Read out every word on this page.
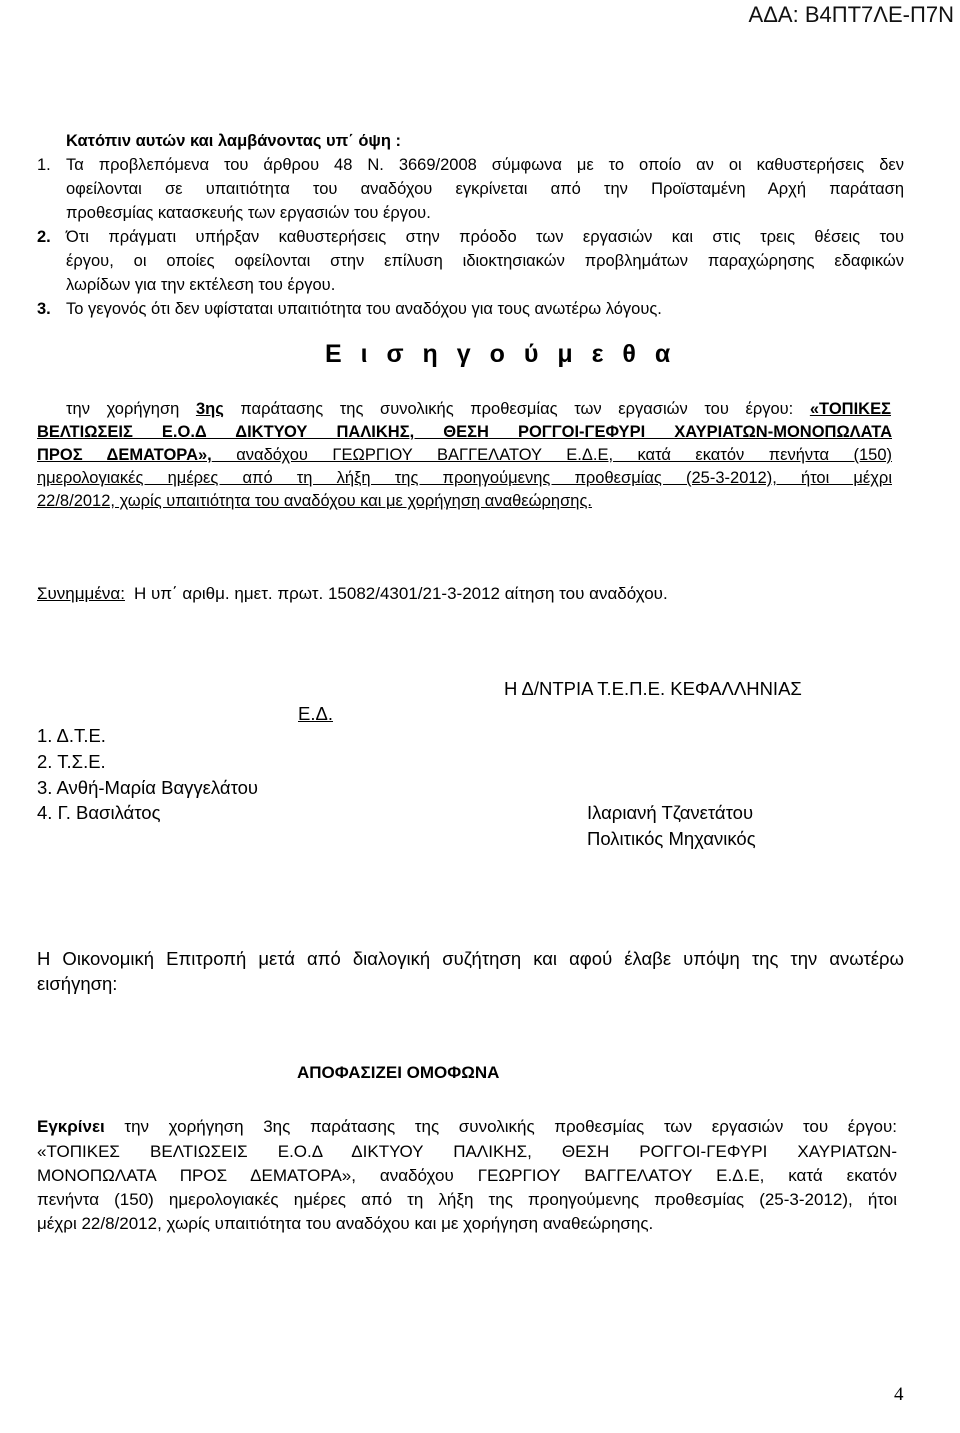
ΑΔΑ: Β4ΠΤ7ΛΕ-Π7Ν
Κατόπιν αυτών και λαμβάνοντας υπ΄ όψη :
1. Τα προβλεπόμενα του άρθρου 48 Ν. 3669/2008 σύμφωνα με το οποίο αν οι καθυστερήσεις δεν
οφείλονται σε υπαιτιότητα του αναδόχου εγκρίνεται από την Προϊσταμένη Αρχή παράταση
προθεσμίας κατασκευής των εργασιών του έργου.
2. Ότι πράγματι υπήρξαν καθυστερήσεις στην πρόοδο των εργασιών και στις τρεις θέσεις του
έργου, οι οποίες οφείλονται στην επίλυση ιδιοκτησιακών προβλημάτων παραχώρησης εδαφικών
λωρίδων για την εκτέλεση του έργου.
3. Το γεγονός ότι δεν υφίσταται υπαιτιότητα του αναδόχου για τους ανωτέρω λόγους.
Ε ι σ η γ ο ύ μ ε θ α
την χορήγηση 3ης παράτασης της συνολικής προθεσμίας των εργασιών του έργου: «ΤΟΠΙΚΕΣ
ΒΕΛΤΙΩΣΕΙΣ Ε.Ο.Δ ΔΙΚΤΥΟΥ ΠΑΛΙΚΗΣ, ΘΕΣΗ ΡΟΓΓΟΙ-ΓΕΦΥΡΙ ΧΑΥΡΙΑΤΩΝ-ΜΟΝΟΠΩΛΑΤΑ
ΠΡΟΣ ΔΕΜΑΤΟΡΑ», αναδόχου ΓΕΩΡΓΙΟΥ ΒΑΓΓΕΛΑΤΟΥ Ε.Δ.Ε, κατά εκατόν πενήντα (150)
ημερολογιακές ημέρες από τη λήξη της προηγούμενης προθεσμίας (25-3-2012), ήτοι μέχρι
22/8/2012, χωρίς υπαιτιότητα του αναδόχου και με χορήγηση αναθεώρησης.
Συνημμένα: Η υπ΄ αριθμ. ημετ. πρωτ. 15082/4301/21-3-2012 αίτηση του αναδόχου.
Η Δ/ΝΤΡΙΑ Τ.Ε.Π.Ε. ΚΕΦΑΛΛΗΝΙΑΣ
Ε.Δ.
1. Δ.Τ.Ε.
2. Τ.Σ.Ε.
3. Ανθή-Μαρία Βαγγελάτου
4. Γ. Βασιλάτος	Ιλαριανή Τζανετάτου
Πολιτικός Μηχανικός
Η Οικονομική Επιτροπή μετά από διαλογική συζήτηση και αφού έλαβε υπόψη της την ανωτέρω
εισήγηση:
ΑΠΟΦΑΣΙΖΕΙ ΟΜΟΦΩΝΑ
Εγκρίνει την χορήγηση 3ης παράτασης της συνολικής προθεσμίας των εργασιών του έργου:
«ΤΟΠΙΚΕΣ ΒΕΛΤΙΩΣΕΙΣ Ε.Ο.Δ ΔΙΚΤΥΟΥ ΠΑΛΙΚΗΣ, ΘΕΣΗ ΡΟΓΓΟΙ-ΓΕΦΥΡΙ ΧΑΥΡΙΑΤΩΝ-
ΜΟΝΟΠΩΛΑΤΑ ΠΡΟΣ ΔΕΜΑΤΟΡΑ», αναδόχου ΓΕΩΡΓΙΟΥ ΒΑΓΓΕΛΑΤΟΥ Ε.Δ.Ε, κατά εκατόν
πενήντα (150) ημερολογιακές ημέρες από τη λήξη της προηγούμενης προθεσμίας (25-3-2012), ήτοι
μέχρι 22/8/2012, χωρίς υπαιτιότητα του αναδόχου και με χορήγηση αναθεώρησης.
4
